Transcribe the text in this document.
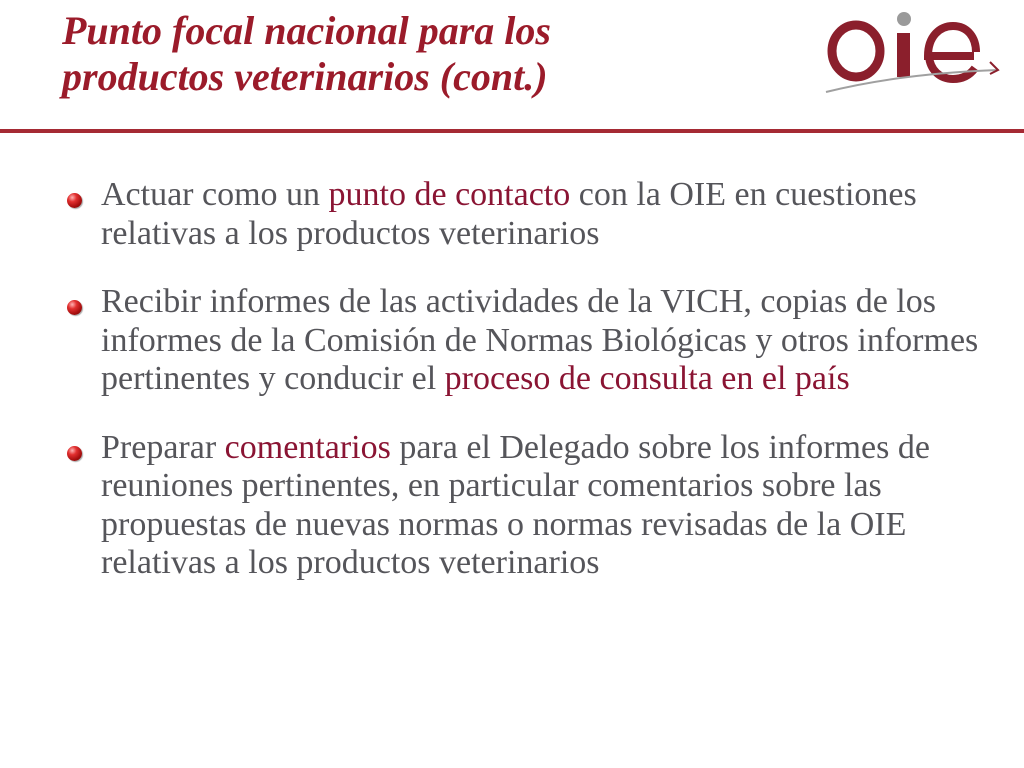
Punto focal nacional para los
productos veterinarios (cont.)
Actuar como un punto de contacto con la OIE en cuestiones relativas a los productos veterinarios
Recibir informes de las actividades de la VICH, copias de los informes de la Comisión de Normas Biológicas y otros informes pertinentes y conducir el proceso de consulta en el país
Preparar comentarios para el Delegado sobre los informes de reuniones pertinentes, en particular comentarios sobre las propuestas de nuevas normas o normas revisadas de la OIE relativas a los productos veterinarios
